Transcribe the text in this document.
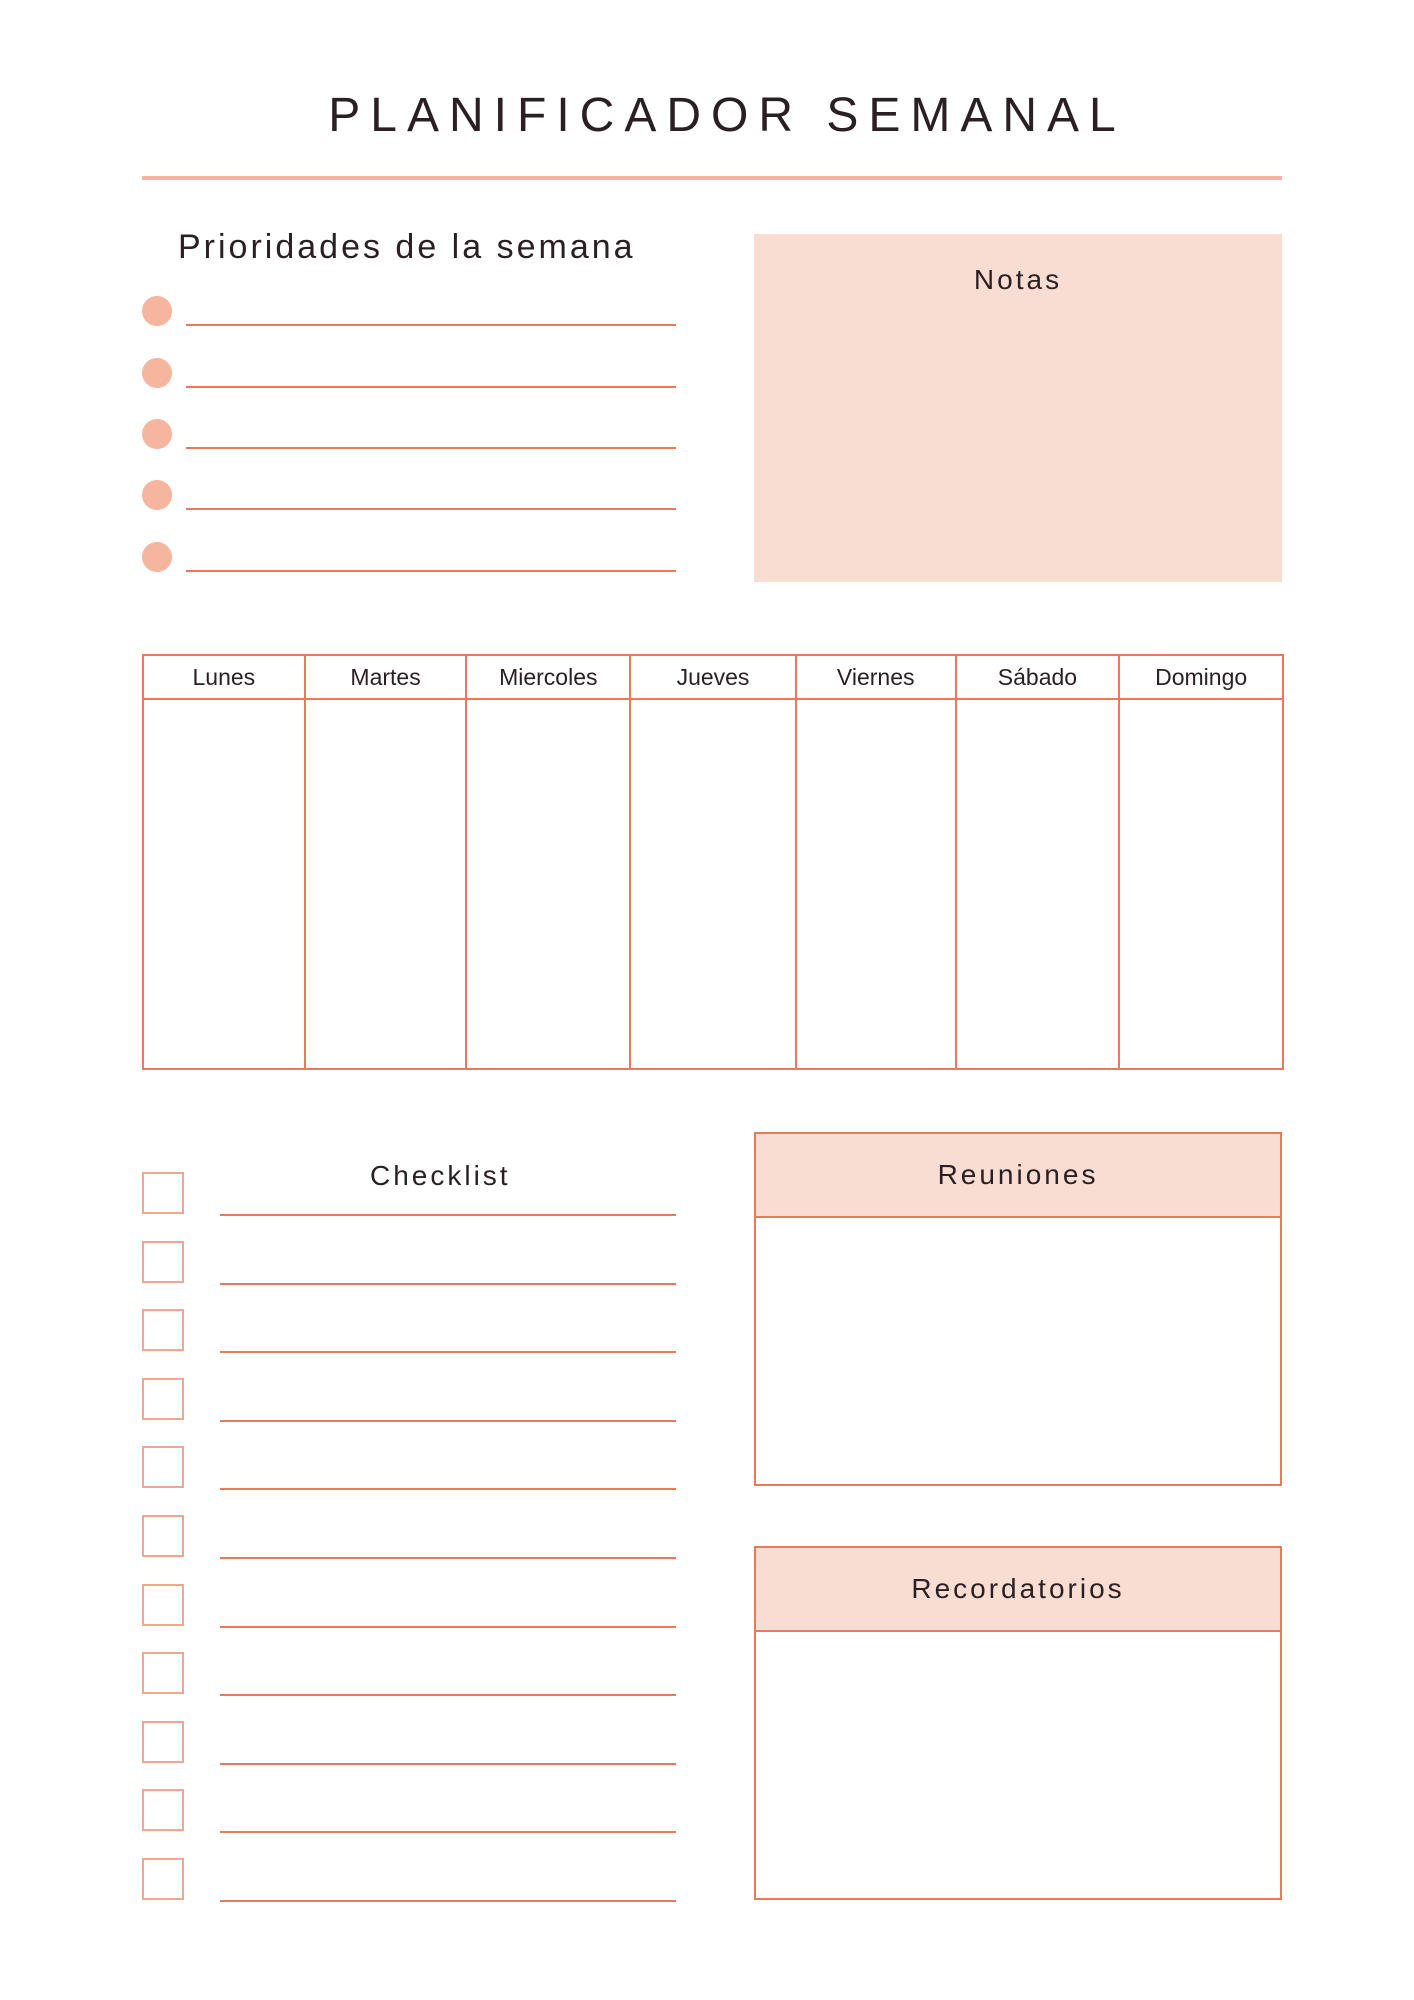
PLANIFICADOR SEMANAL
Prioridades de la semana
Notas
Lunes	Martes	Miercoles	Jueves	Viernes	Sábado	Domingo
Checklist	Reuniones
Recordatorios
